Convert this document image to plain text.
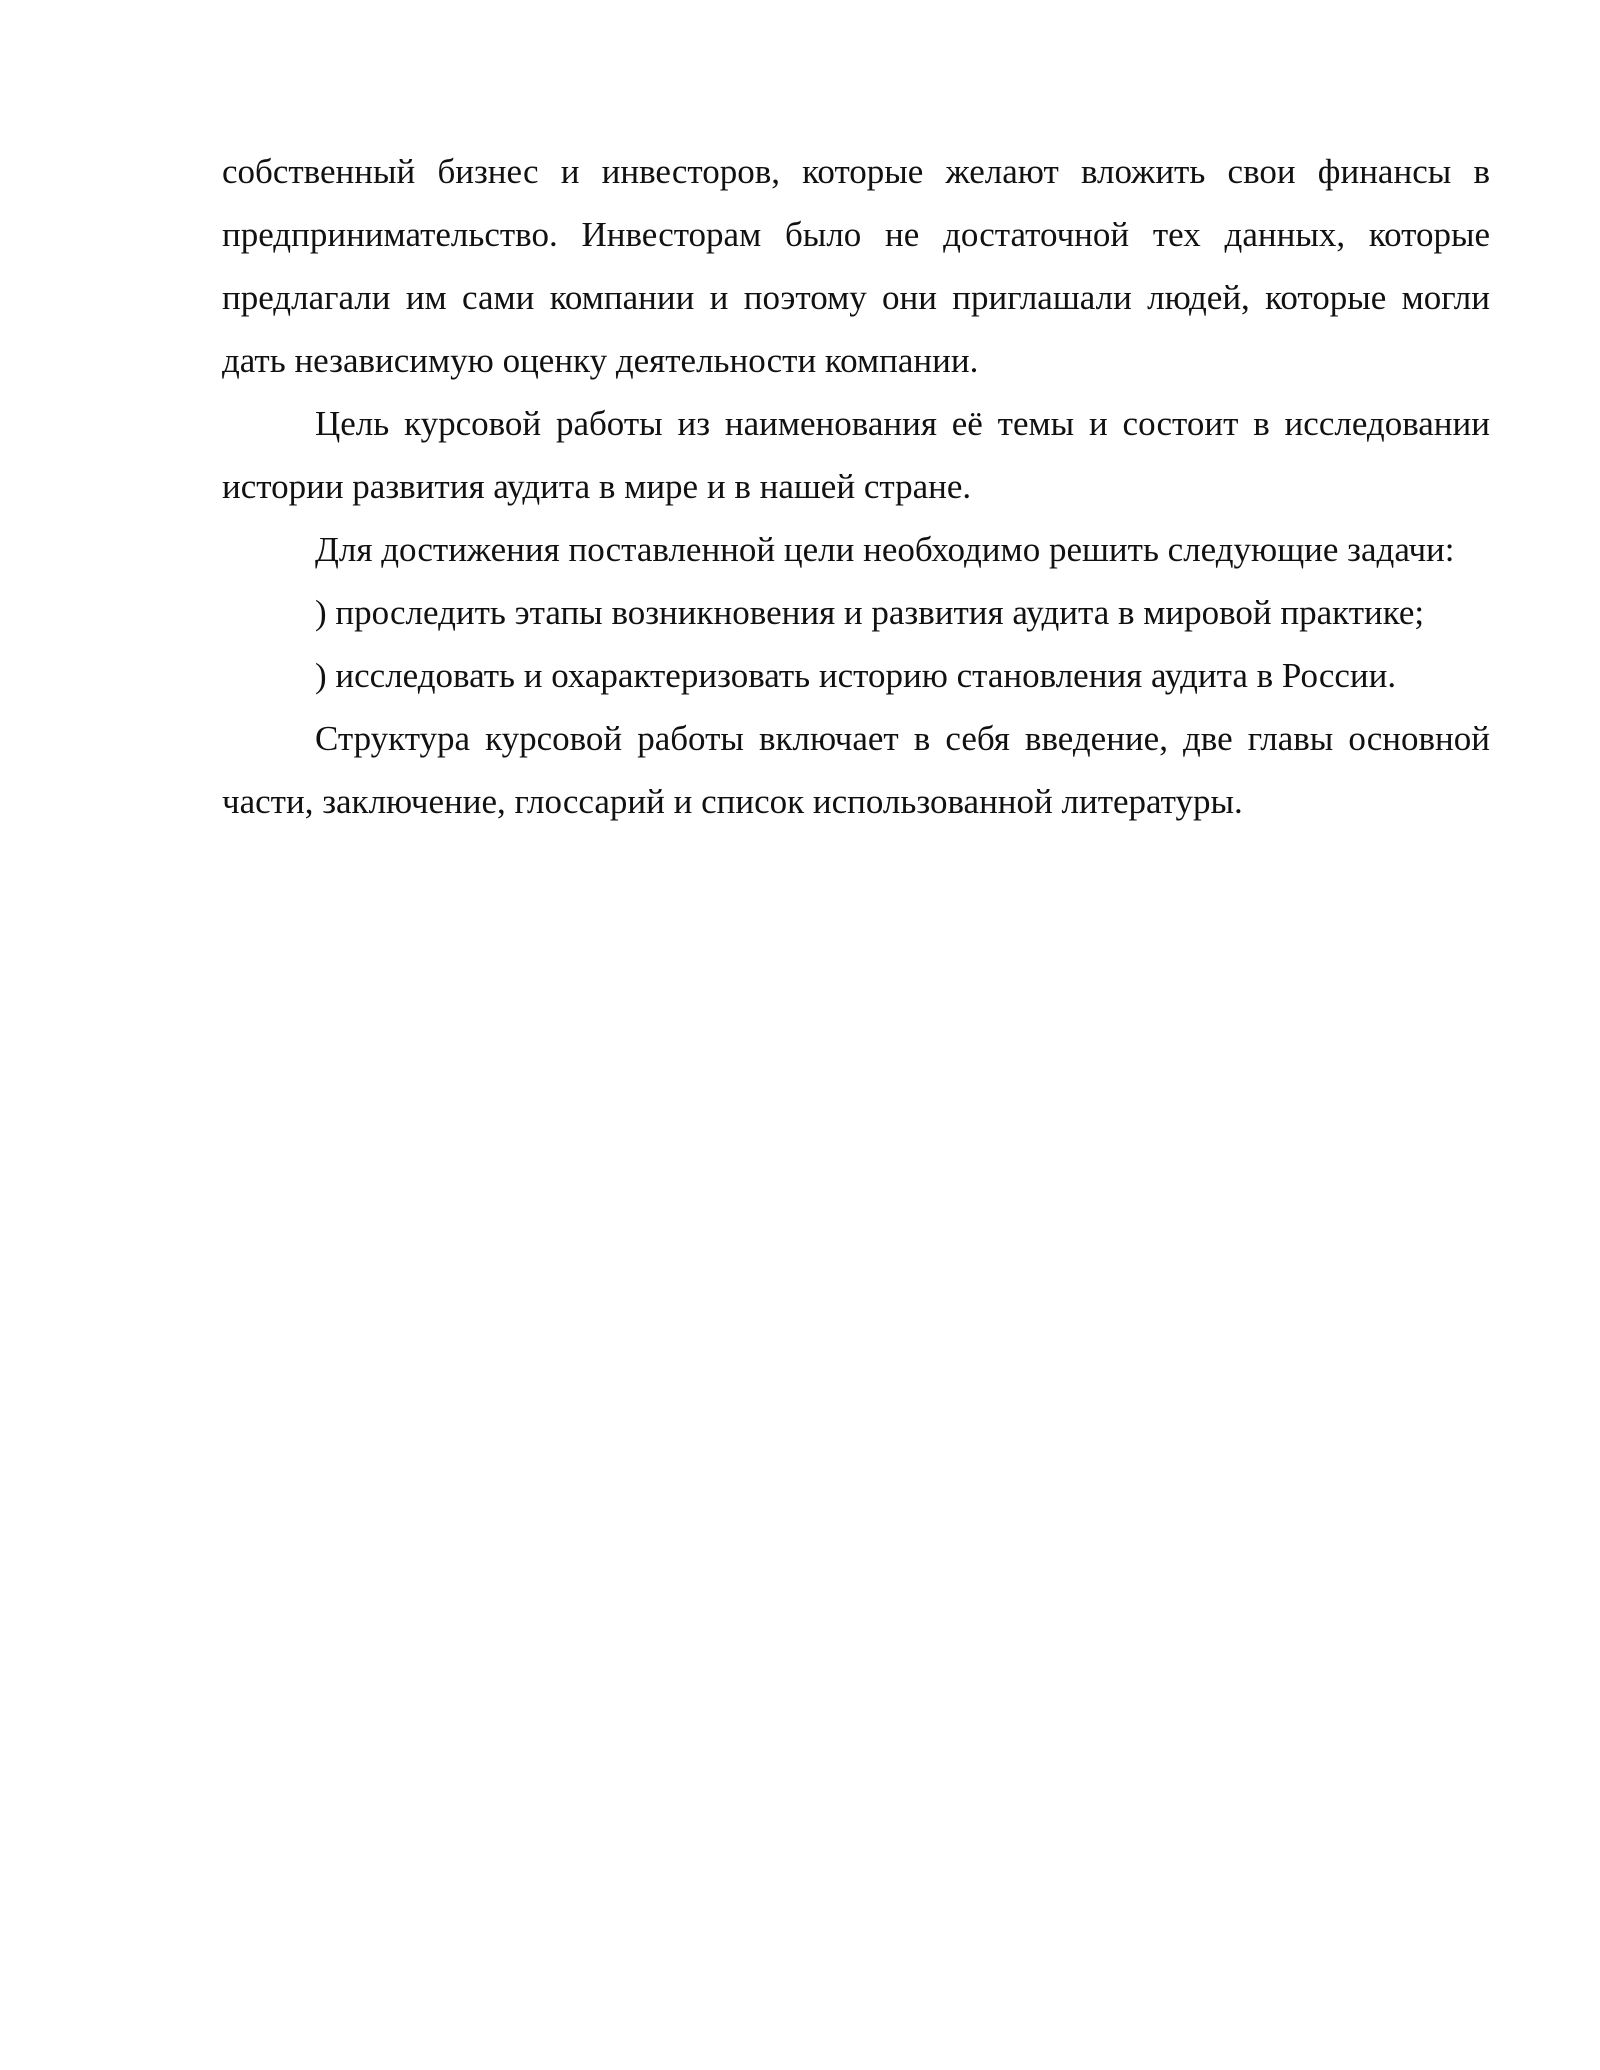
собственный бизнес и инвесторов, которые желают вложить свои финансы в предпринимательство. Инвесторам было не достаточной тех данных, которые предлагали им сами компании и поэтому они приглашали людей, которые могли дать независимую оценку деятельности компании.

Цель курсовой работы из наименования её темы и состоит в исследовании истории развития аудита в мире и в нашей стране.

Для достижения поставленной цели необходимо решить следующие задачи:

) проследить этапы возникновения и развития аудита в мировой практике;

) исследовать и охарактеризовать историю становления аудита в России.

Структура курсовой работы включает в себя введение, две главы основной части, заключение, глоссарий и список использованной литературы.
